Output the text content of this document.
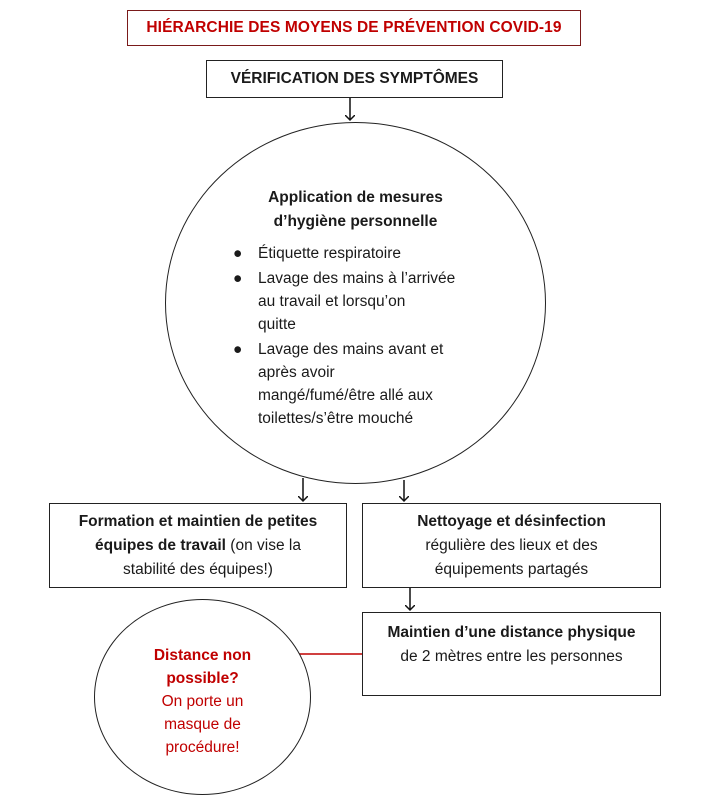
HIÉRARCHIE DES MOYENS DE PRÉVENTION COVID-19
VÉRIFICATION DES SYMPTÔMES
Application de mesures
d’hygiène personnelle
● Étiquette respiratoire
● Lavage des mains à l’arrivée
au travail et lorsqu’on
quitte
● Lavage des mains avant et
après avoir
mangé/fumé/être allé aux
toilettes/s’être mouché
Formation et maintien de petites
équipes de travail (on vise la
stabilité des équipes!)
Nettoyage et désinfection
régulière des lieux et des
équipements partagés
Maintien d’une distance physique
de 2 mètres entre les personnes
Distance non
possible?
On porte un
masque de
procédure!
